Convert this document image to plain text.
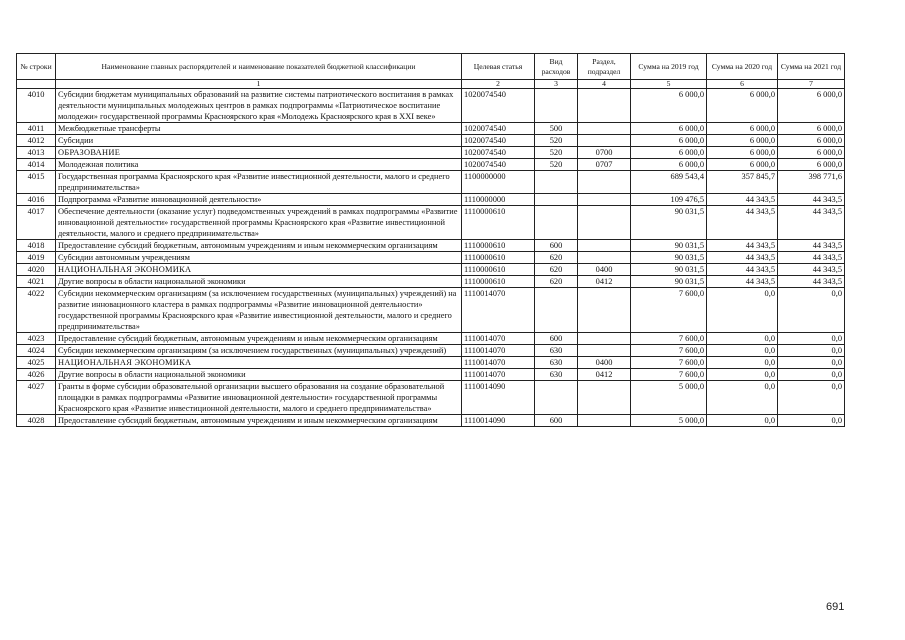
№ строки	Наименование главных распорядителей и наименование показателей бюджетной классификации	Целевая статья	Вид расходов	Раздел, подраздел	Сумма на 2019 год	Сумма на 2020 год	Сумма на 2021 год
	1	2	3	4	5	6	7
4010	Субсидии бюджетам муниципальных образований на развитие системы патриотического воспитания в рамках деятельности муниципальных молодежных центров в рамках подпрограммы «Патриотическое воспитание молодежи» государственной программы Красноярского края «Молодежь Красноярского края в XXI веке»	1020074540			6 000,0	6 000,0	6 000,0
4011	Межбюджетные трансферты	1020074540	500		6 000,0	6 000,0	6 000,0
4012	Субсидии	1020074540	520		6 000,0	6 000,0	6 000,0
4013	ОБРАЗОВАНИЕ	1020074540	520	0700	6 000,0	6 000,0	6 000,0
4014	Молодежная политика	1020074540	520	0707	6 000,0	6 000,0	6 000,0
4015	Государственная программа Красноярского края «Развитие инвестиционной деятельности, малого и среднего предпринимательства»	1100000000			689 543,4	357 845,7	398 771,6
4016	Подпрограмма «Развитие инновационной деятельности»	1110000000			109 476,5	44 343,5	44 343,5
4017	Обеспечение деятельности (оказание услуг) подведомственных учреждений в рамках подпрограммы «Развитие инновационной деятельности» государственной программы Красноярского края «Развитие инвестиционной деятельности, малого и среднего предпринимательства»	1110000610			90 031,5	44 343,5	44 343,5
4018	Предоставление субсидий бюджетным, автономным учреждениям и иным некоммерческим организациям	1110000610	600		90 031,5	44 343,5	44 343,5
4019	Субсидии автономным учреждениям	1110000610	620		90 031,5	44 343,5	44 343,5
4020	НАЦИОНАЛЬНАЯ ЭКОНОМИКА	1110000610	620	0400	90 031,5	44 343,5	44 343,5
4021	Другие вопросы в области национальной экономики	1110000610	620	0412	90 031,5	44 343,5	44 343,5
4022	Субсидии некоммерческим организациям (за исключением государственных (муниципальных) учреждений) на развитие инновационного кластера в рамках подпрограммы «Развитие инновационной деятельности» государственной программы Красноярского края «Развитие инвестиционной деятельности, малого и среднего предпринимательства»	1110014070			7 600,0	0,0	0,0
4023	Предоставление субсидий бюджетным, автономным учреждениям и иным некоммерческим организациям	1110014070	600		7 600,0	0,0	0,0
4024	Субсидии некоммерческим организациям (за исключением государственных (муниципальных) учреждений)	1110014070	630		7 600,0	0,0	0,0
4025	НАЦИОНАЛЬНАЯ ЭКОНОМИКА	1110014070	630	0400	7 600,0	0,0	0,0
4026	Другие вопросы в области национальной экономики	1110014070	630	0412	7 600,0	0,0	0,0
4027	Гранты в форме субсидии образовательной организации высшего образования на создание образовательной площадки в рамках подпрограммы «Развитие инновационной деятельности» государственной программы Красноярского края «Развитие инвестиционной деятельности, малого и среднего предпринимательства»	1110014090			5 000,0	0,0	0,0
4028	Предоставление субсидий бюджетным, автономным учреждениям и иным некоммерческим организациям	1110014090	600		5 000,0	0,0	0,0
691
